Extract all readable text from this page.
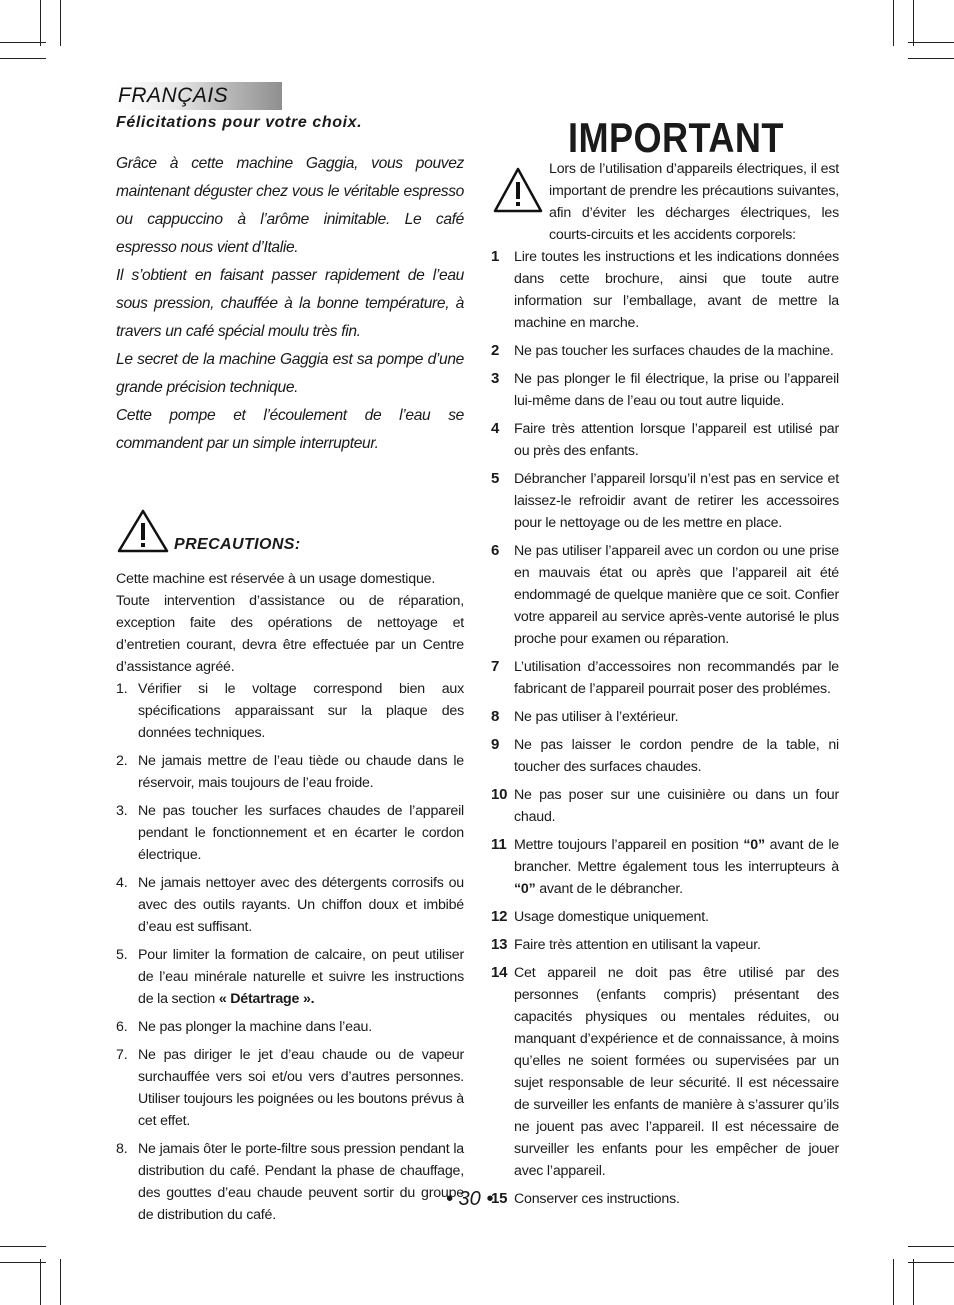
FRANÇAIS
Félicitations pour votre choix.

Grâce à cette machine Gaggia, vous pouvez maintenant déguster chez vous le véritable espresso ou cappuccino à l’arôme inimitable. Le café espresso nous vient d’Italie.

Il s’obtient en faisant passer rapidement de l’eau sous pression, chauffée à la bonne température, à travers un café spécial moulu très fin.

Le secret de la machine Gaggia est sa pompe d’une grande précision technique.

Cette pompe et l’écoulement de l’eau se commandent par un simple interrupteur.

PRECAUTIONS:

Cette machine est réservée à un usage domestique.

Toute intervention d’assistance ou de réparation, exception faite des opérations de nettoyage et d’entretien courant, devra être effectuée par un Centre d’assistance agréé.

1. Vérifier si le voltage correspond bien aux spécifications apparaissant sur la plaque des données techniques.
2. Ne jamais mettre de l’eau tiède ou chaude dans le réservoir, mais toujours de l’eau froide.
3. Ne pas toucher les surfaces chaudes de l’appareil pendant le fonctionnement et en écarter le cordon électrique.
4. Ne jamais nettoyer avec des détergents corrosifs ou avec des outils rayants. Un chiffon doux et imbibé d’eau est suffisant.
5. Pour limiter la formation de calcaire, on peut utiliser de l’eau minérale naturelle et suivre les instructions de la section « Détartrage ».
6. Ne pas plonger la machine dans l’eau.
7. Ne pas diriger le jet d’eau chaude ou de vapeur surchauffée vers soi et/ou vers d’autres personnes. Utiliser toujours les poignées ou les boutons prévus à cet effet.
8. Ne jamais ôter le porte-filtre sous pression pendant la distribution du café. Pendant la phase de chauffage, des gouttes d’eau chaude peuvent sortir du groupe de distribution du café.
IMPORTANT
Lors de l’utilisation d’appareils électriques, il est important de prendre les précautions suivantes, afin d’éviter les décharges électriques, les courts-circuits et les accidents corporels:
1 Lire toutes les instructions et les indications données dans cette brochure, ainsi que toute autre information sur l’emballage, avant de mettre la machine en marche.
2 Ne pas toucher les surfaces chaudes de la machine.
3 Ne pas plonger le fil électrique, la prise ou l’appareil lui-même dans de l’eau ou tout autre liquide.
4 Faire très attention lorsque l’appareil est utilisé par ou près des enfants.
5 Débrancher l’appareil lorsqu’il n’est pas en service et laissez-le refroidir avant de retirer les accessoires pour le nettoyage ou de les mettre en place.
6 Ne pas utiliser l’appareil avec un cordon ou une prise en mauvais état ou après que l’appareil ait été endommagé de quelque manière que ce soit. Confier votre appareil au service après-vente autorisé le plus proche pour examen ou réparation.
7 L’utilisation d’accessoires non recommandés par le fabricant de l’appareil pourrait poser des problémes.
8 Ne pas utiliser à l’extérieur.
9 Ne pas laisser le cordon pendre de la table, ni toucher des surfaces chaudes.
10 Ne pas poser sur une cuisinière ou dans un four chaud.
11 Mettre toujours l’appareil en position “0” avant de le brancher. Mettre également tous les interrupteurs à “0” avant de le débrancher.
12 Usage domestique uniquement.
13 Faire très attention en utilisant la vapeur.
14 Cet appareil ne doit pas être utilisé par des personnes (enfants compris) présentant des capacités physiques ou mentales réduites, ou manquant d’expérience et de connaissance, à moins qu’elles ne soient formées ou supervisées par un sujet responsable de leur sécurité. Il est nécessaire de surveiller les enfants de manière à s’assurer qu’ils ne jouent pas avec l’appareil. Il est nécessaire de surveiller les enfants pour les empêcher de jouer avec l’appareil.
15 Conserver ces instructions.
• 30 •
